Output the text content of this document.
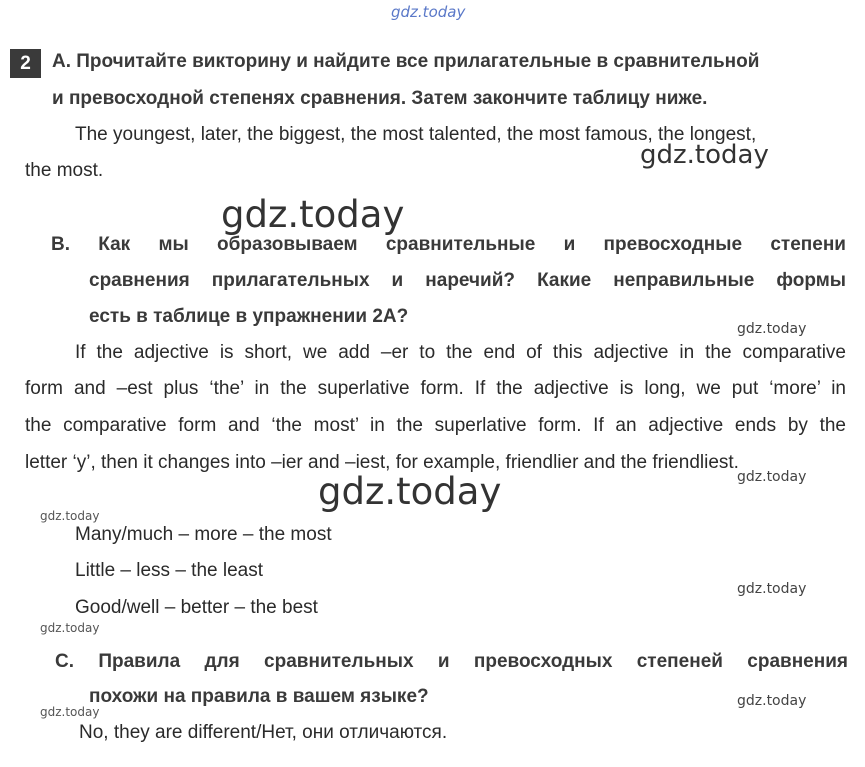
gdz.today
gdz.today
gdz.today
gdz.today
gdz.today
gdz.today
gdz.today
gdz.today
gdz.today
gdz.today
gdz.today
2	A. Прочитайте викторину и найдите все прилагательные в сравнительной
и превосходной степенях сравнения. Затем закончите таблицу ниже.
The youngest, later, the biggest, the most talented, the most famous, the longest,
the most.
B. Как мы образовываем сравнительные и превосходные степени
сравнения прилагательных и наречий? Какие неправильные формы
есть в таблице в упражнении 2А?
If the adjective is short, we add –er to the end of this adjective in the comparative
form and –est plus ‘the’ in the superlative form. If the adjective is long, we put ‘more’ in
the comparative form and ‘the most’ in the superlative form. If an adjective ends by the
letter ‘y’, then it changes into –ier and –iest, for example, friendlier and the friendliest.
Many/much – more – the most
Little – less – the least
Good/well – better – the best
C. Правила для сравнительных и превосходных степеней сравнения
похожи на правила в вашем языке?
No, they are different/Нет, они отличаются.
